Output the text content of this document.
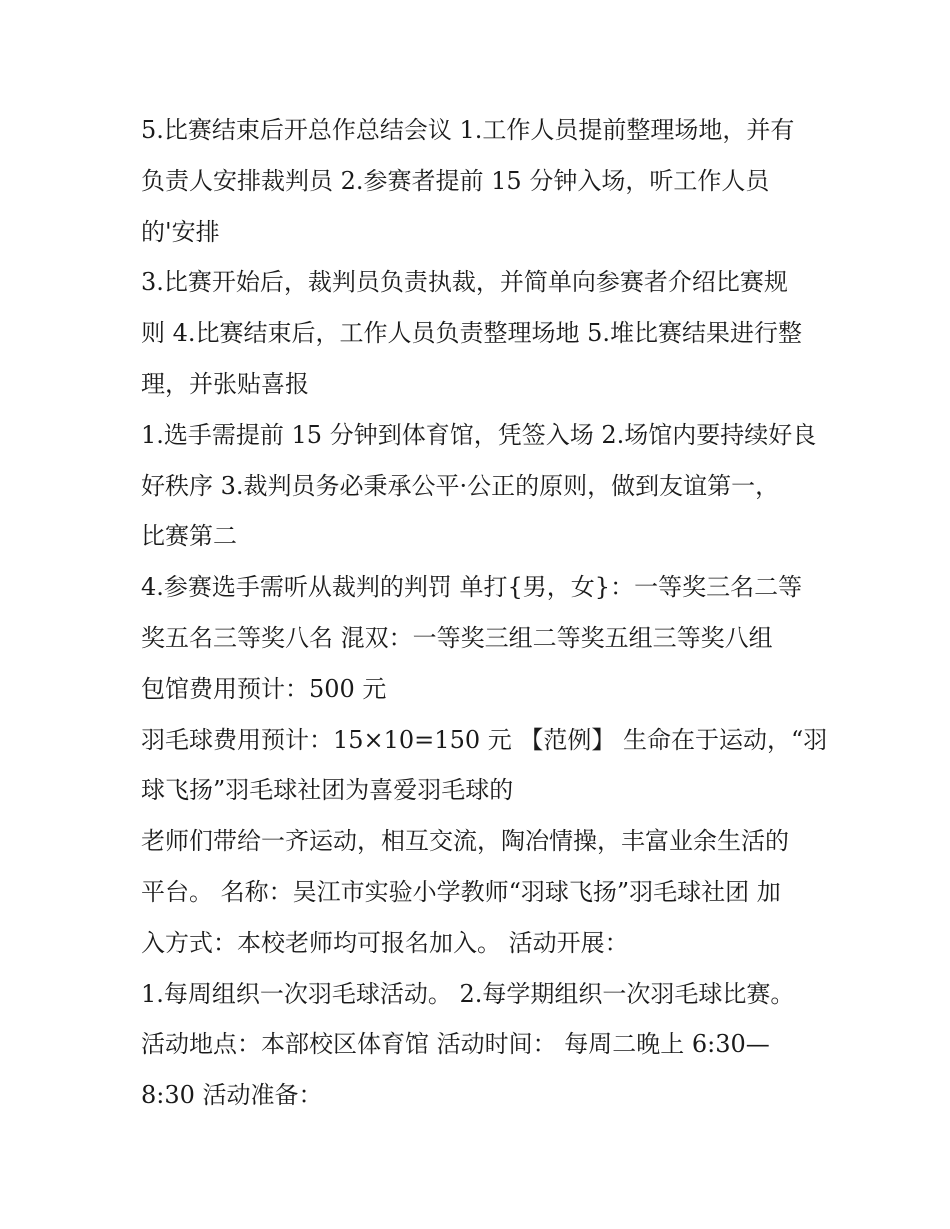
5.比赛结束后开总作总结会议 1.工作人员提前整理场地，并有
负责人安排裁判员 2.参赛者提前 15 分钟入场，听工作人员
的'安排
3.比赛开始后，裁判员负责执裁，并简单向参赛者介绍比赛规
则 4.比赛结束后，工作人员负责整理场地 5.堆比赛结果进行整
理，并张贴喜报
1.选手需提前 15 分钟到体育馆，凭签入场 2.场馆内要持续好良
好秩序 3.裁判员务必秉承公平·公正的原则，做到友谊第一，
比赛第二
4.参赛选手需听从裁判的判罚 单打{男，女}：一等奖三名二等
奖五名三等奖八名 混双：一等奖三组二等奖五组三等奖八组
包馆费用预计：500 元
羽毛球费用预计：15×10=150 元 【范例】 生命在于运动，“羽
球飞扬”羽毛球社团为喜爱羽毛球的
老师们带给一齐运动，相互交流，陶冶情操，丰富业余生活的
平台。 名称：吴江市实验小学教师“羽球飞扬”羽毛球社团 加
入方式：本校老师均可报名加入。 活动开展：
1.每周组织一次羽毛球活动。 2.每学期组织一次羽毛球比赛。
活动地点：本部校区体育馆 活动时间： 每周二晚上 6:30—
8:30 活动准备：
